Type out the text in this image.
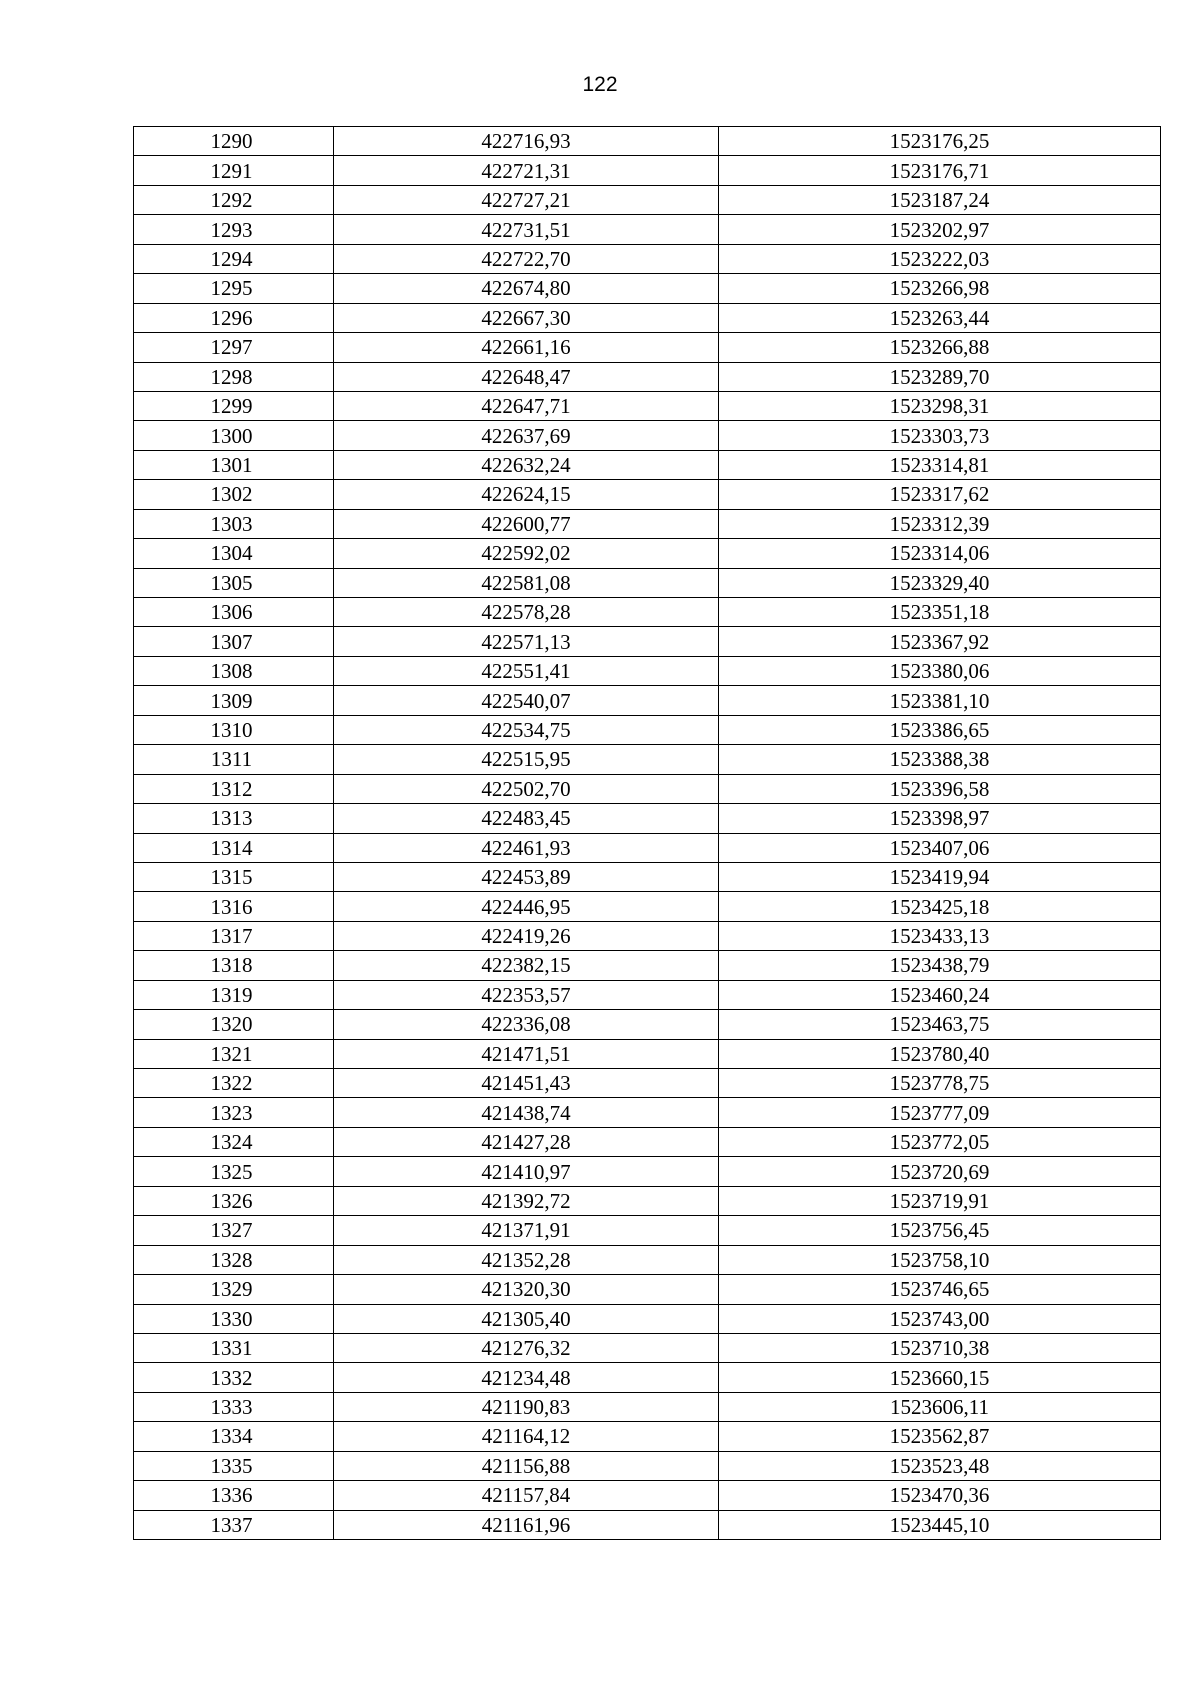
122
1290	422716,93	1523176,25
1291	422721,31	1523176,71
1292	422727,21	1523187,24
1293	422731,51	1523202,97
1294	422722,70	1523222,03
1295	422674,80	1523266,98
1296	422667,30	1523263,44
1297	422661,16	1523266,88
1298	422648,47	1523289,70
1299	422647,71	1523298,31
1300	422637,69	1523303,73
1301	422632,24	1523314,81
1302	422624,15	1523317,62
1303	422600,77	1523312,39
1304	422592,02	1523314,06
1305	422581,08	1523329,40
1306	422578,28	1523351,18
1307	422571,13	1523367,92
1308	422551,41	1523380,06
1309	422540,07	1523381,10
1310	422534,75	1523386,65
1311	422515,95	1523388,38
1312	422502,70	1523396,58
1313	422483,45	1523398,97
1314	422461,93	1523407,06
1315	422453,89	1523419,94
1316	422446,95	1523425,18
1317	422419,26	1523433,13
1318	422382,15	1523438,79
1319	422353,57	1523460,24
1320	422336,08	1523463,75
1321	421471,51	1523780,40
1322	421451,43	1523778,75
1323	421438,74	1523777,09
1324	421427,28	1523772,05
1325	421410,97	1523720,69
1326	421392,72	1523719,91
1327	421371,91	1523756,45
1328	421352,28	1523758,10
1329	421320,30	1523746,65
1330	421305,40	1523743,00
1331	421276,32	1523710,38
1332	421234,48	1523660,15
1333	421190,83	1523606,11
1334	421164,12	1523562,87
1335	421156,88	1523523,48
1336	421157,84	1523470,36
1337	421161,96	1523445,10
